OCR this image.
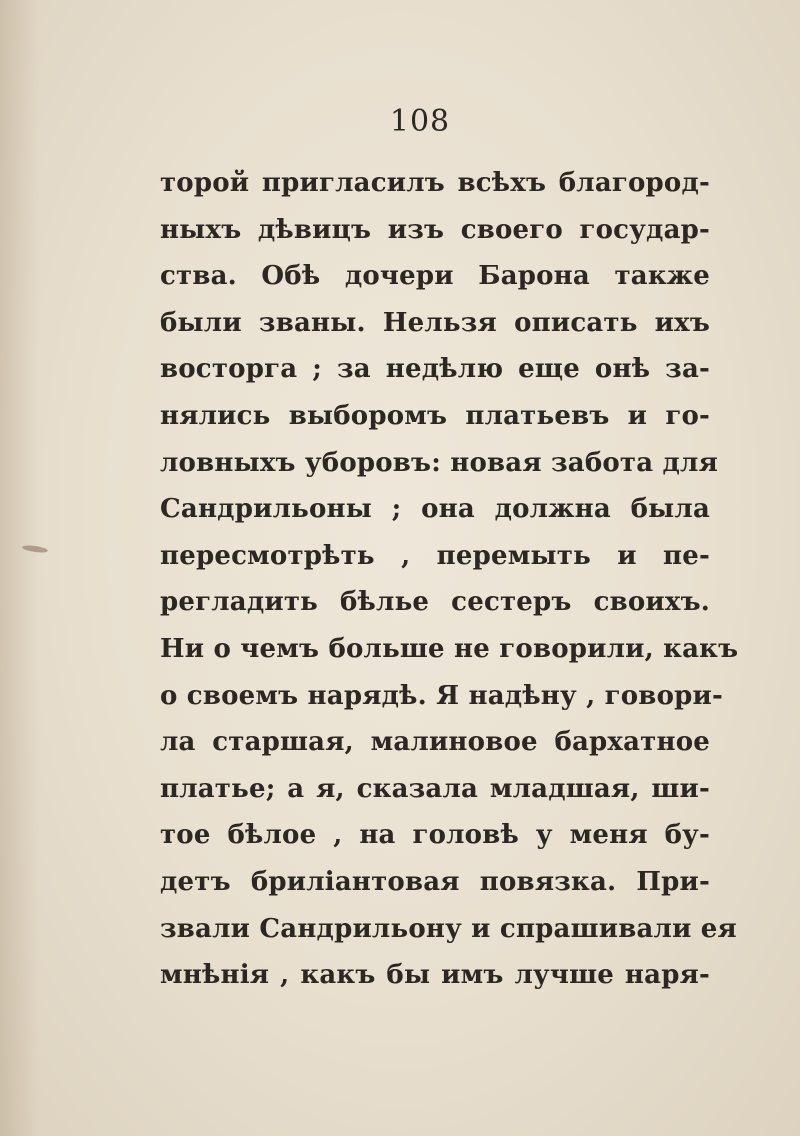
108
торой пригласилъ всѣхъ благород-
ныхъ дѣвицъ изъ своего государ-
ства. Обѣ дочери Барона также
были званы. Нельзя описать ихъ
восторга ; за недѣлю еще онѣ за-
нялись выборомъ платьевъ и го-
ловныхъ уборовъ: новая забота для
Сандрильоны ; она должна была
пересмотрѣть , перемыть и пе-
регладить бѣлье сестеръ своихъ.
Ни о чемъ больше не говорили, какъ
о своемъ нарядѣ. Я надѣну , говори-
ла старшая, малиновое бархатное
платье; а я, сказала младшая, ши-
тое бѣлое , на головѣ у меня бу-
детъ бриліантовая повязка. При-
звали Сандрильону и спрашивали ея
мнѣнія , какъ бы имъ лучше наря-
